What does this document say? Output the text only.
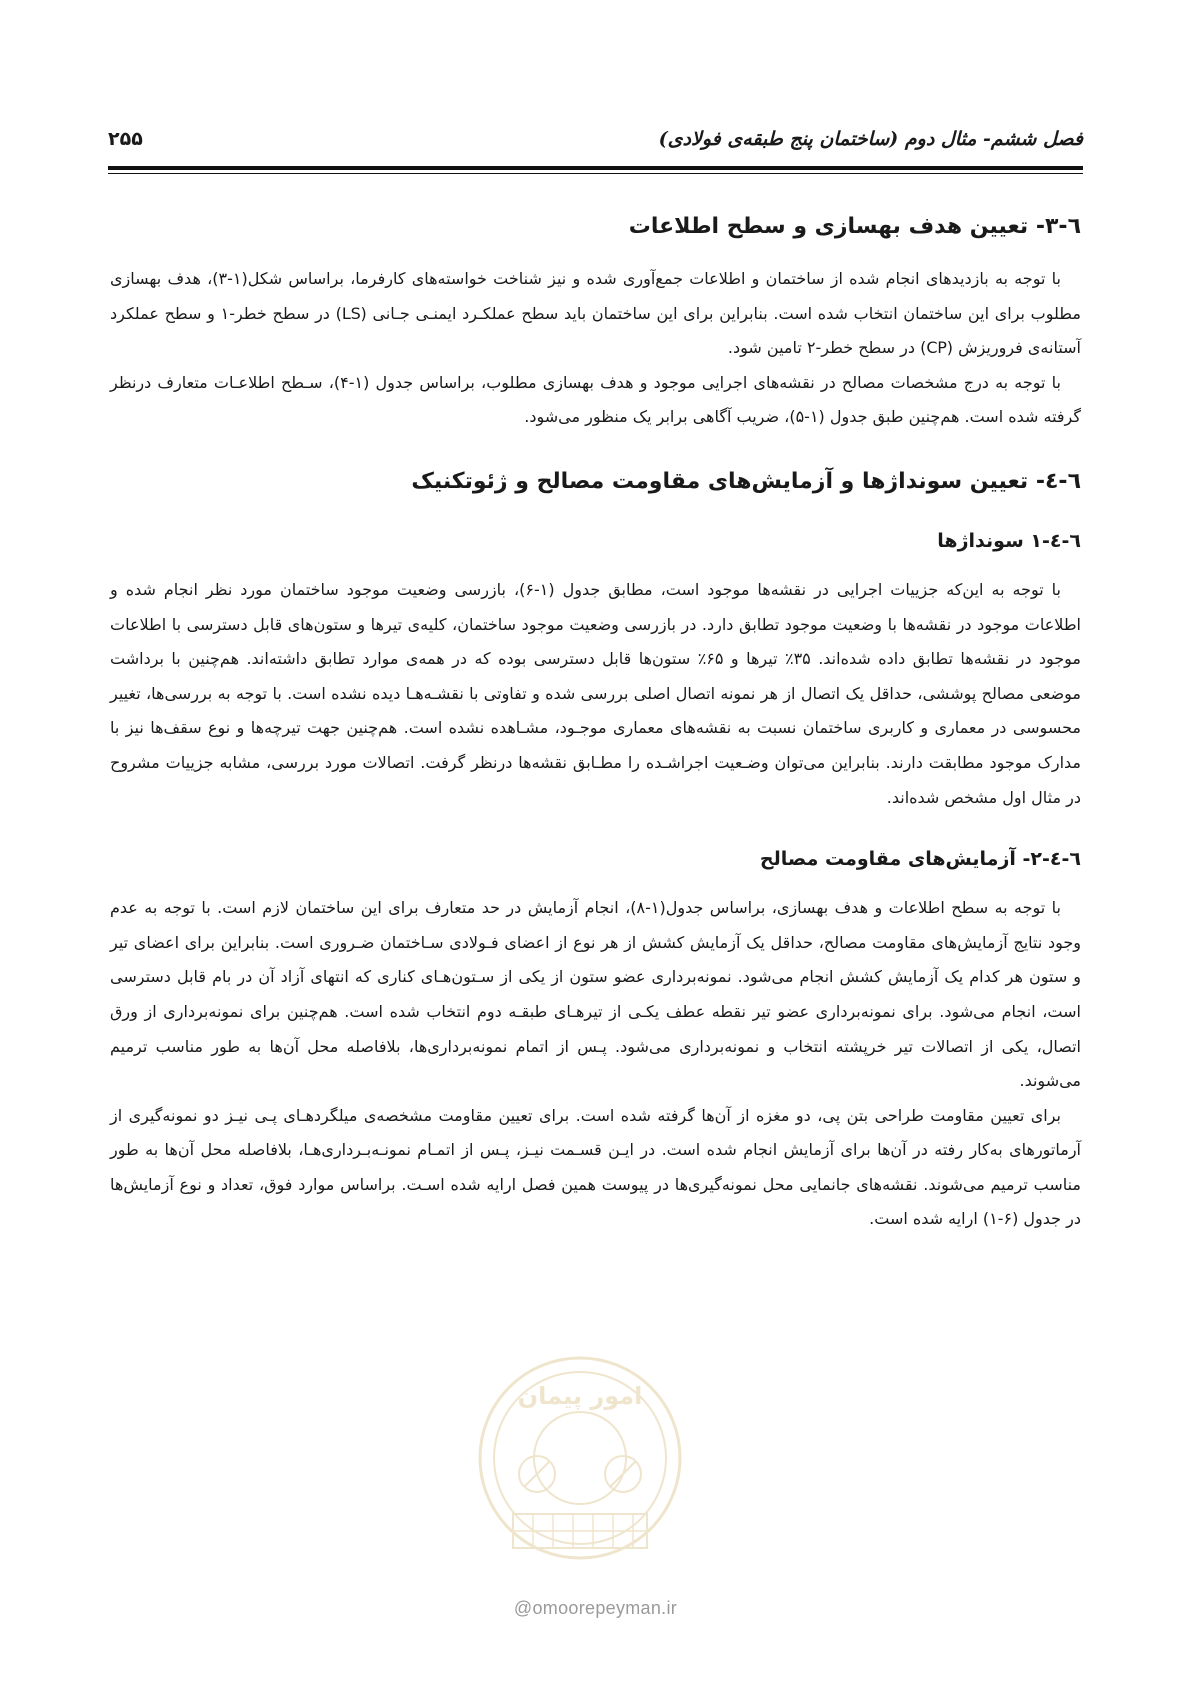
فصل ششم- مثال دوم (ساختمان پنج طبقه‌ی فولادی)
۲۵۵
٦-۳- تعیین هدف بهسازی و سطح اطلاعات

با توجه به بازدیدهای انجام شده از ساختمان و اطلاعات جمع‌آوری شده و نیز شناخت خواسته‌های کارفرما، براساس شکل(۱-۳)، هدف بهسازی مطلوب برای این ساختمان انتخاب شده است. بنابراین برای این ساختمان باید سطح عملکـرد ایمنـی جـانی (LS) در سطح خطر-۱ و سطح عملکرد آستانه‌ی فروریزش (CP) در سطح خطر-۲ تامین شود.

با توجه به درج مشخصات مصالح در نقشه‌های اجرایی موجود و هدف بهسازی مطلوب، براساس جدول (۱-۴)، سـطح اطلاعـات متعارف درنظر گرفته شده است. هم‌چنین طبق جدول (۱-۵)، ضریب آگاهی برابر یک منظور می‌شود.

٦-٤- تعیین سونداژها و آزمایش‌های مقاومت مصالح و ژئوتکنیک
٦-٤-۱ سونداژها

با توجه به این‌که جزییات اجرایی در نقشه‌ها موجود است، مطابق جدول (۱-۶)، بازرسی وضعیت موجود ساختمان مورد نظر انجام شده و اطلاعات موجود در نقشه‌ها با وضعیت موجود تطابق دارد. در بازرسی وضعیت موجود ساختمان، کلیه‌ی تیرها و ستون‌های قابل دسترسی با اطلاعات موجود در نقشه‌ها تطابق داده شده‌اند. ۳۵٪ تیرها و ۶۵٪ ستون‌ها قابل دسترسی بوده که در همه‌ی موارد تطابق داشته‌اند. هم‌چنین با برداشت موضعی مصالح پوششی، حداقل یک اتصال از هر نمونه اتصال اصلی بررسی شده و تفاوتی با نقشـه‌هـا دیده نشده است. با توجه به بررسی‌ها، تغییر محسوسی در معماری و کاربری ساختمان نسبت به نقشه‌های معماری موجـود، مشـاهده نشده است. هم‌چنین جهت تیرچه‌ها و نوع سقف‌ها نیز با مدارک موجود مطابقت دارند. بنابراین می‌توان وضـعیت اجراشـده را مطـابق نقشه‌ها درنظر گرفت. اتصالات مورد بررسی، مشابه جزییات مشروح در مثال اول مشخص شده‌اند.

٦-٤-۲- آزمایش‌های مقاومت مصالح

با توجه به سطح اطلاعات و هدف بهسازی، براساس جدول(۱-۸)، انجام آزمایش در حد متعارف برای این ساختمان لازم است. با توجه به عدم وجود نتایج آزمایش‌های مقاومت مصالح، حداقل یک آزمایش کشش از هر نوع از اعضای فـولادی سـاختمان ضـروری است. بنابراین برای اعضای تیر و ستون هر کدام یک آزمایش کشش انجام می‌شود. نمونه‌برداری عضو ستون از یکی از سـتون‌هـای کناری که انتهای آزاد آن در بام قابل دسترسی است، انجام می‌شود. برای نمونه‌برداری عضو تیر نقطه عطف یکـی از تیرهـای طبقـه دوم انتخاب شده است. هم‌چنین برای نمونه‌برداری از ورق اتصال، یکی از اتصالات تیر خرپشته انتخاب و نمونه‌برداری می‌شود. پـس از اتمام نمونه‌برداری‌ها، بلافاصله محل آن‌ها به طور مناسب ترمیم می‌شوند.

برای تعیین مقاومت طراحی بتن پی، دو مغزه از آن‌ها گرفته شده است. برای تعیین مقاومت مشخصه‌ی میلگردهـای پـی نیـز دو نمونه‌گیری از آرماتورهای به‌کار رفته در آن‌ها برای آزمایش انجام شده است. در ایـن قسـمت نیـز، پـس از اتمـام نمونـه‌بـرداری‌هـا، بلافاصله محل آن‌ها به طور مناسب ترمیم می‌شوند. نقشه‌های جانمایی محل نمونه‌گیری‌ها در پیوست همین فصل ارایه شده اسـت. براساس موارد فوق، تعداد و نوع آزمایش‌ها در جدول (۶-۱) ارایه شده است.

امور پیمان
@omoorepeyman.ir
